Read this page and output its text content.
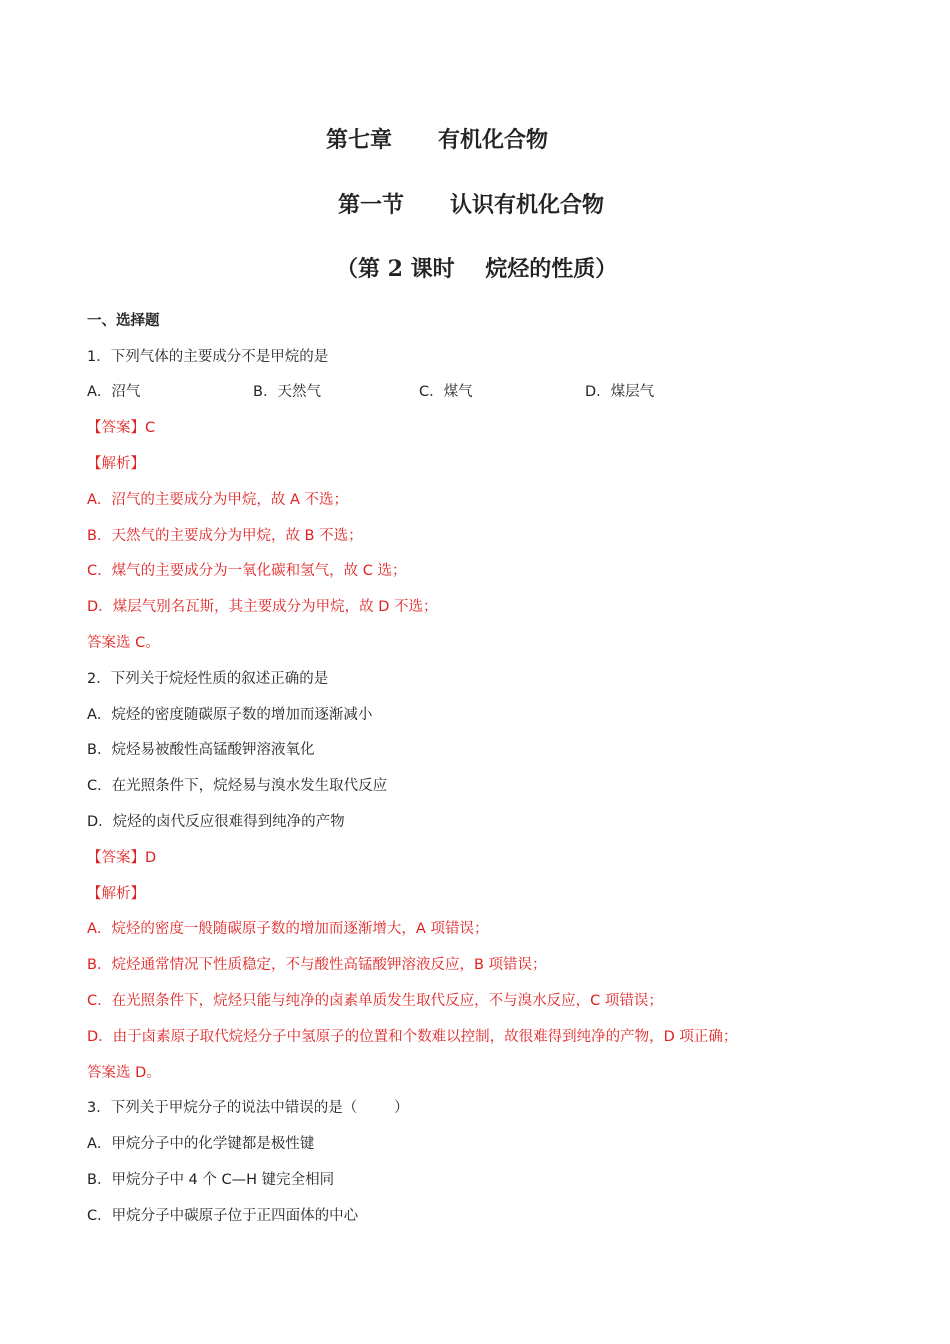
第七章      有机化合物
第一节      认识有机化合物
（第 2 课时    烷烃的性质）
一、选择题
1．下列气体的主要成分不是甲烷的是
A．沼气	B．天然气	C．煤气	D．煤层气
【答案】C
【解析】
A．沼气的主要成分为甲烷，故 A 不选；
B．天然气的主要成分为甲烷，故 B 不选；
C．煤气的主要成分为一氧化碳和氢气，故 C 选；
D．煤层气别名瓦斯，其主要成分为甲烷，故 D 不选；
答案选 C。
2．下列关于烷烃性质的叙述正确的是
A．烷烃的密度随碳原子数的增加而逐渐减小
B．烷烃易被酸性高锰酸钾溶液氧化
C．在光照条件下，烷烃易与溴水发生取代反应
D．烷烃的卤代反应很难得到纯净的产物
【答案】D
【解析】
A．烷烃的密度一般随碳原子数的增加而逐渐增大，A 项错误；
B．烷烃通常情况下性质稳定，不与酸性高锰酸钾溶液反应，B 项错误；
C．在光照条件下，烷烃只能与纯净的卤素单质发生取代反应，不与溴水反应，C 项错误；
D．由于卤素原子取代烷烃分子中氢原子的位置和个数难以控制，故很难得到纯净的产物，D 项正确；
答案选 D。
3．下列关于甲烷分子的说法中错误的是（        ）
A．甲烷分子中的化学键都是极性键
B．甲烷分子中 4 个 C—H 键完全相同
C．甲烷分子中碳原子位于正四面体的中心
